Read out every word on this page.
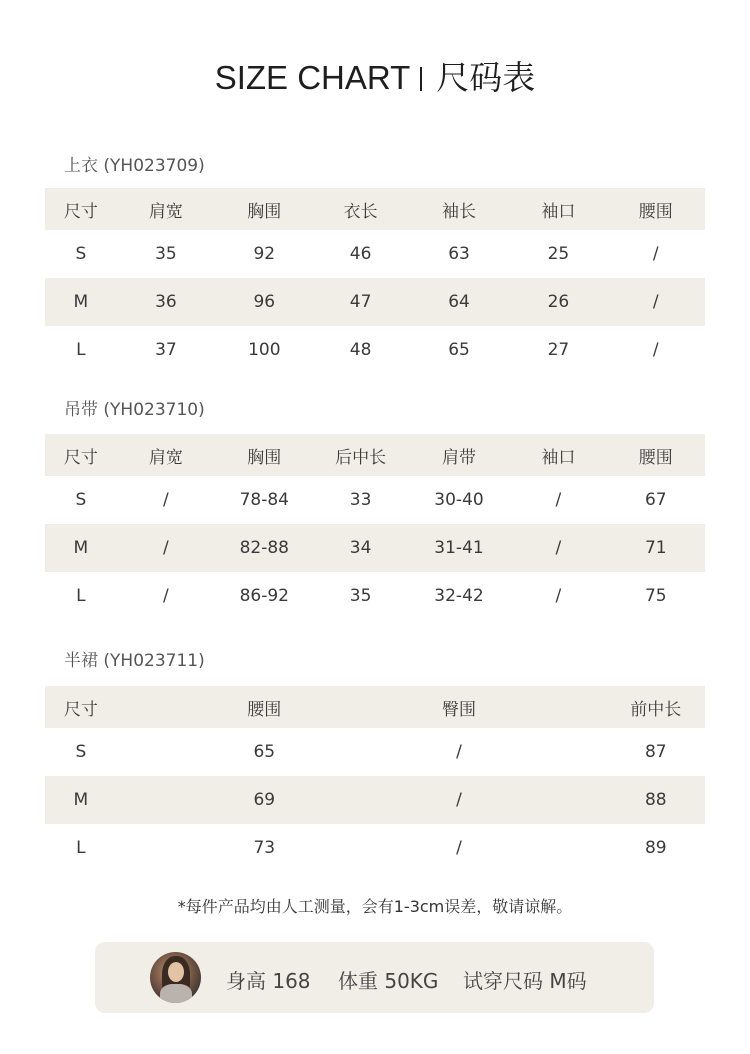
SIZE CHART 尺码表
上衣 (YH023709)
尺寸	肩宽	胸围	衣长	袖长	袖口	腰围
S	35	92	46	63	25	/
M	36	96	47	64	26	/
L	37	100	48	65	27	/
吊带 (YH023710)
尺寸	肩宽	胸围	后中长	肩带	袖口	腰围
S	/	78-84	33	30-40	/	67
M	/	82-88	34	31-41	/	71
L	/	86-92	35	32-42	/	75
半裙 (YH023711)
尺寸		腰围		臀围		前中长
S		65		/		87
M		69		/		88
L		73		/		89
*每件产品均由人工测量，会有1-3cm误差，敬请谅解。
身高 168 体重 50KG 试穿尺码 M码
